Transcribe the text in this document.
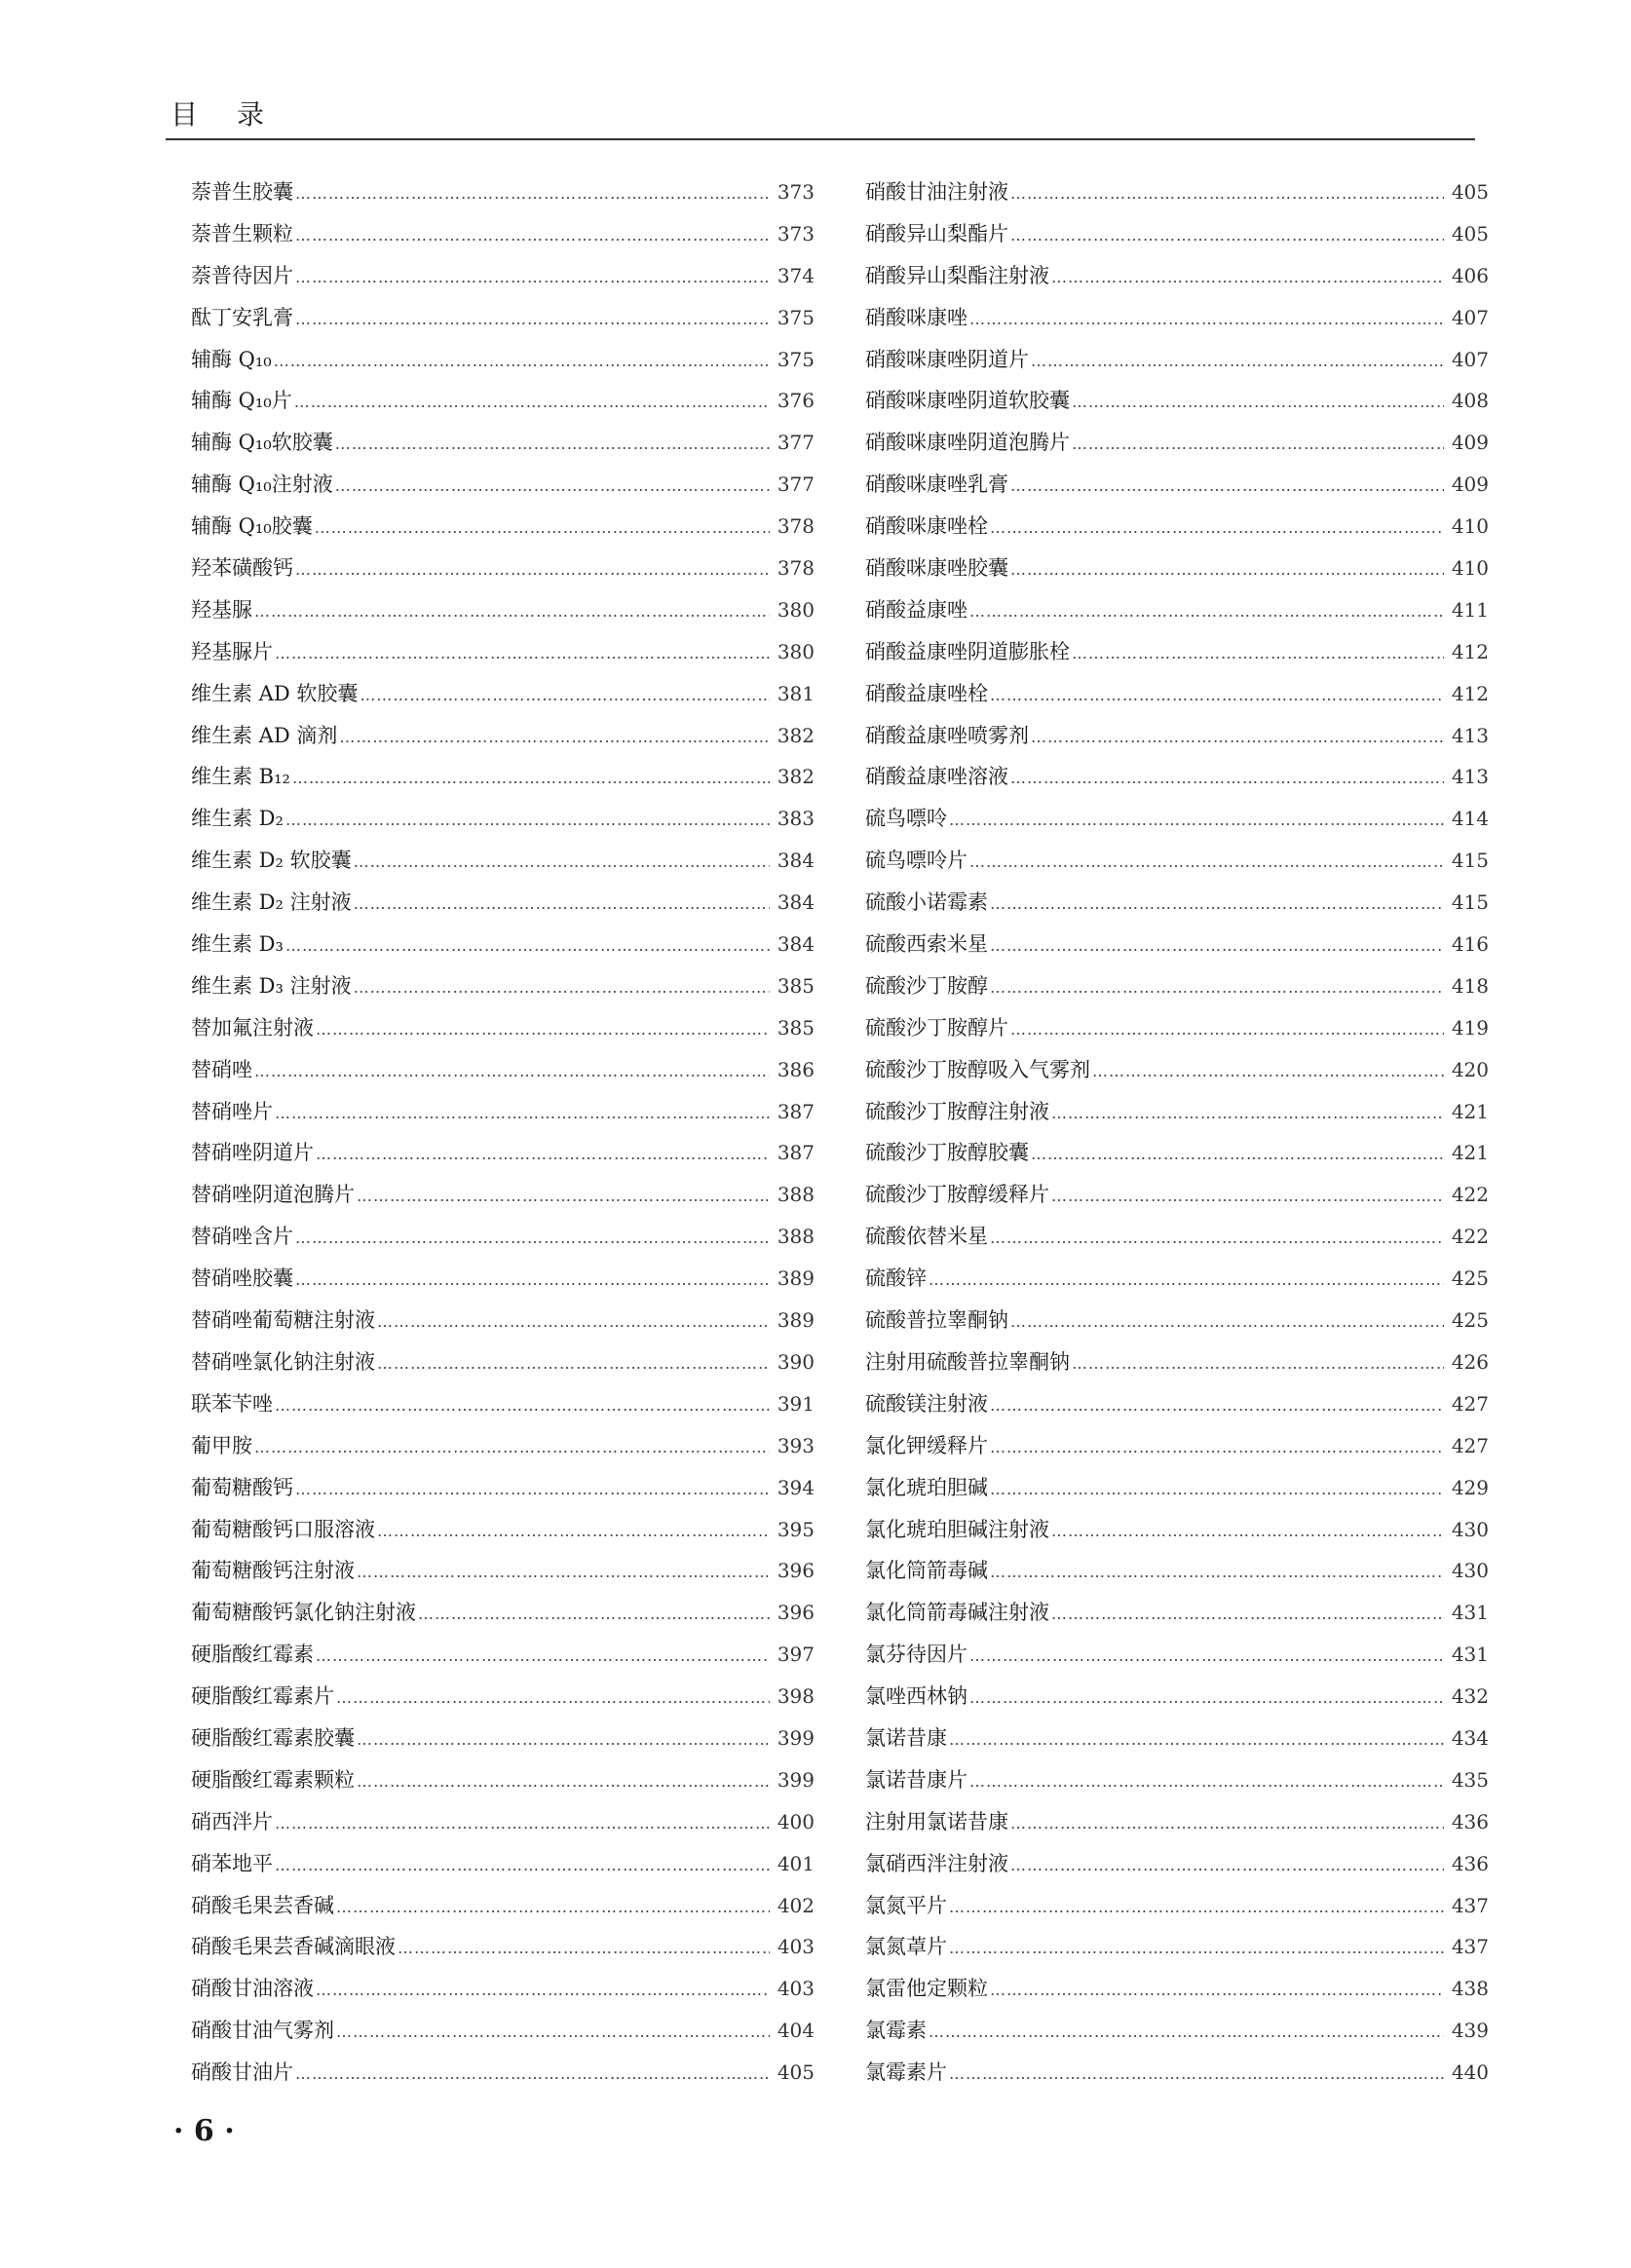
目录
萘普生胶囊 …………………………………………………………………………………………………………………………………………	373
萘普生颗粒 …………………………………………………………………………………………………………………………………………	373
萘普待因片 …………………………………………………………………………………………………………………………………………	374
酞丁安乳膏 …………………………………………………………………………………………………………………………………………	375
辅酶 Q₁₀ …………………………………………………………………………………………………………………………………………	375
辅酶 Q₁₀片 …………………………………………………………………………………………………………………………………………	376
辅酶 Q₁₀软胶囊 …………………………………………………………………………………………………………………………………………	377
辅酶 Q₁₀注射液 …………………………………………………………………………………………………………………………………………	377
辅酶 Q₁₀胶囊 …………………………………………………………………………………………………………………………………………	378
羟苯磺酸钙 …………………………………………………………………………………………………………………………………………	378
羟基脲 …………………………………………………………………………………………………………………………………………	380
羟基脲片 …………………………………………………………………………………………………………………………………………	380
维生素 AD 软胶囊 …………………………………………………………………………………………………………………………………………	381
维生素 AD 滴剂 …………………………………………………………………………………………………………………………………………	382
维生素 B₁₂ …………………………………………………………………………………………………………………………………………	382
维生素 D₂ …………………………………………………………………………………………………………………………………………	383
维生素 D₂ 软胶囊 …………………………………………………………………………………………………………………………………………	384
维生素 D₂ 注射液 …………………………………………………………………………………………………………………………………………	384
维生素 D₃ …………………………………………………………………………………………………………………………………………	384
维生素 D₃ 注射液 …………………………………………………………………………………………………………………………………………	385
替加氟注射液 …………………………………………………………………………………………………………………………………………	385
替硝唑 …………………………………………………………………………………………………………………………………………	386
替硝唑片 …………………………………………………………………………………………………………………………………………	387
替硝唑阴道片 …………………………………………………………………………………………………………………………………………	387
替硝唑阴道泡腾片 …………………………………………………………………………………………………………………………………………	388
替硝唑含片 …………………………………………………………………………………………………………………………………………	388
替硝唑胶囊 …………………………………………………………………………………………………………………………………………	389
替硝唑葡萄糖注射液 …………………………………………………………………………………………………………………………………………	389
替硝唑氯化钠注射液 …………………………………………………………………………………………………………………………………………	390
联苯苄唑 …………………………………………………………………………………………………………………………………………	391
葡甲胺 …………………………………………………………………………………………………………………………………………	393
葡萄糖酸钙 …………………………………………………………………………………………………………………………………………	394
葡萄糖酸钙口服溶液 …………………………………………………………………………………………………………………………………………	395
葡萄糖酸钙注射液 …………………………………………………………………………………………………………………………………………	396
葡萄糖酸钙氯化钠注射液 …………………………………………………………………………………………………………………………………………	396
硬脂酸红霉素 …………………………………………………………………………………………………………………………………………	397
硬脂酸红霉素片 …………………………………………………………………………………………………………………………………………	398
硬脂酸红霉素胶囊 …………………………………………………………………………………………………………………………………………	399
硬脂酸红霉素颗粒 …………………………………………………………………………………………………………………………………………	399
硝西泮片 …………………………………………………………………………………………………………………………………………	400
硝苯地平 …………………………………………………………………………………………………………………………………………	401
硝酸毛果芸香碱 …………………………………………………………………………………………………………………………………………	402
硝酸毛果芸香碱滴眼液 …………………………………………………………………………………………………………………………………………	403
硝酸甘油溶液 …………………………………………………………………………………………………………………………………………	403
硝酸甘油气雾剂 …………………………………………………………………………………………………………………………………………	404
硝酸甘油片 …………………………………………………………………………………………………………………………………………	405
硝酸甘油注射液 …………………………………………………………………………………………………………………………………………	405
硝酸异山梨酯片 …………………………………………………………………………………………………………………………………………	405
硝酸异山梨酯注射液 …………………………………………………………………………………………………………………………………………	406
硝酸咪康唑 …………………………………………………………………………………………………………………………………………	407
硝酸咪康唑阴道片 …………………………………………………………………………………………………………………………………………	407
硝酸咪康唑阴道软胶囊 …………………………………………………………………………………………………………………………………………	408
硝酸咪康唑阴道泡腾片 …………………………………………………………………………………………………………………………………………	409
硝酸咪康唑乳膏 …………………………………………………………………………………………………………………………………………	409
硝酸咪康唑栓 …………………………………………………………………………………………………………………………………………	410
硝酸咪康唑胶囊 …………………………………………………………………………………………………………………………………………	410
硝酸益康唑 …………………………………………………………………………………………………………………………………………	411
硝酸益康唑阴道膨胀栓 …………………………………………………………………………………………………………………………………………	412
硝酸益康唑栓 …………………………………………………………………………………………………………………………………………	412
硝酸益康唑喷雾剂 …………………………………………………………………………………………………………………………………………	413
硝酸益康唑溶液 …………………………………………………………………………………………………………………………………………	413
硫鸟嘌呤 …………………………………………………………………………………………………………………………………………	414
硫鸟嘌呤片 …………………………………………………………………………………………………………………………………………	415
硫酸小诺霉素 …………………………………………………………………………………………………………………………………………	415
硫酸西索米星 …………………………………………………………………………………………………………………………………………	416
硫酸沙丁胺醇 …………………………………………………………………………………………………………………………………………	418
硫酸沙丁胺醇片 …………………………………………………………………………………………………………………………………………	419
硫酸沙丁胺醇吸入气雾剂 …………………………………………………………………………………………………………………………………………	420
硫酸沙丁胺醇注射液 …………………………………………………………………………………………………………………………………………	421
硫酸沙丁胺醇胶囊 …………………………………………………………………………………………………………………………………………	421
硫酸沙丁胺醇缓释片 …………………………………………………………………………………………………………………………………………	422
硫酸依替米星 …………………………………………………………………………………………………………………………………………	422
硫酸锌 …………………………………………………………………………………………………………………………………………	425
硫酸普拉睾酮钠 …………………………………………………………………………………………………………………………………………	425
注射用硫酸普拉睾酮钠 …………………………………………………………………………………………………………………………………………	426
硫酸镁注射液 …………………………………………………………………………………………………………………………………………	427
氯化钾缓释片 …………………………………………………………………………………………………………………………………………	427
氯化琥珀胆碱 …………………………………………………………………………………………………………………………………………	429
氯化琥珀胆碱注射液 …………………………………………………………………………………………………………………………………………	430
氯化筒箭毒碱 …………………………………………………………………………………………………………………………………………	430
氯化筒箭毒碱注射液 …………………………………………………………………………………………………………………………………………	431
氯芬待因片 …………………………………………………………………………………………………………………………………………	431
氯唑西林钠 …………………………………………………………………………………………………………………………………………	432
氯诺昔康 …………………………………………………………………………………………………………………………………………	434
氯诺昔康片 …………………………………………………………………………………………………………………………………………	435
注射用氯诺昔康 …………………………………………………………………………………………………………………………………………	436
氯硝西泮注射液 …………………………………………………………………………………………………………………………………………	436
氯氮平片 …………………………………………………………………………………………………………………………………………	437
氯氮䓬片 …………………………………………………………………………………………………………………………………………	437
氯雷他定颗粒 …………………………………………………………………………………………………………………………………………	438
氯霉素 …………………………………………………………………………………………………………………………………………	439
氯霉素片 …………………………………………………………………………………………………………………………………………	440
· 6 ·
